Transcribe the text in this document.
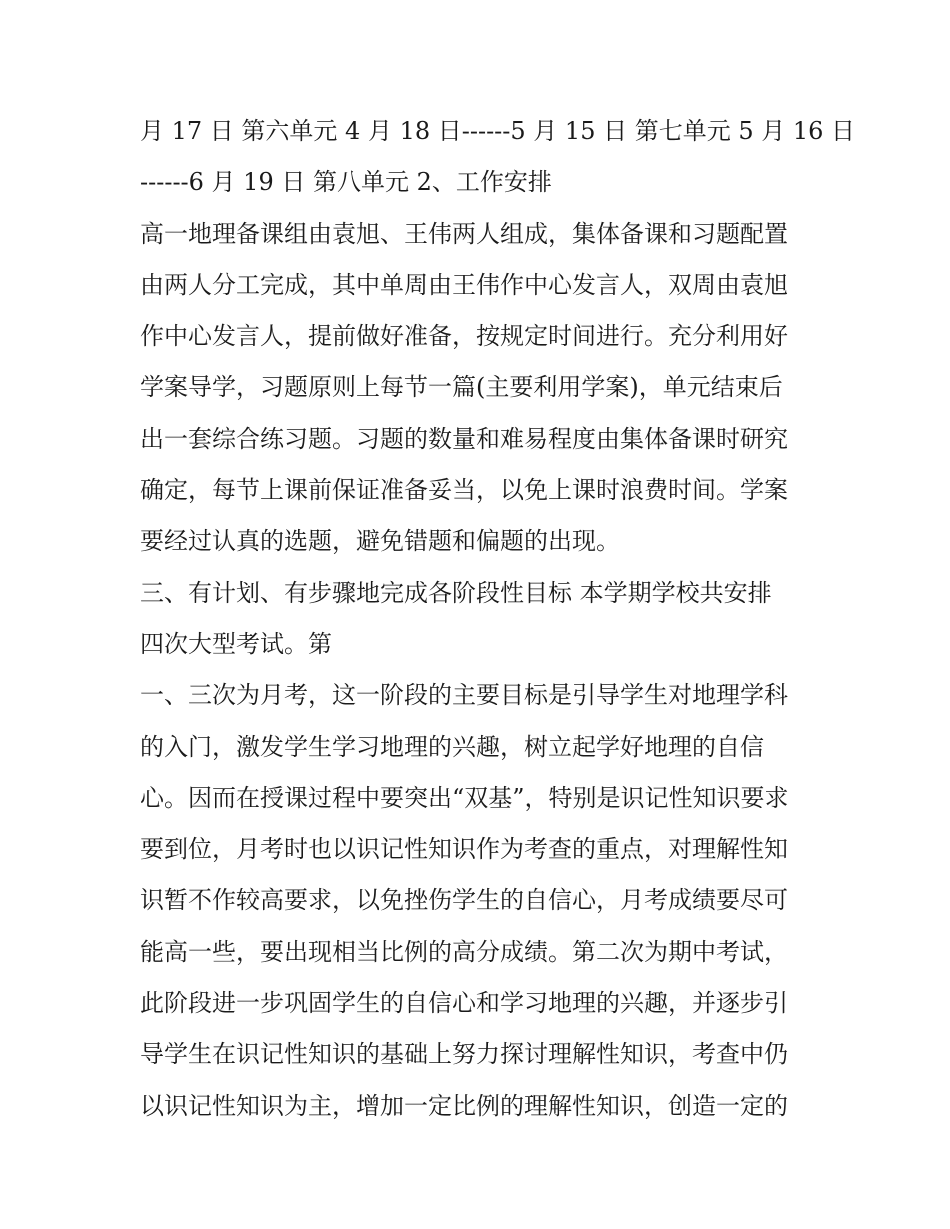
月 17 日 第六单元 4 月 18 日------5 月 15 日 第七单元 5 月 16 日
------6 月 19 日 第八单元 2、工作安排
高一地理备课组由袁旭、王伟两人组成，集体备课和习题配置
由两人分工完成，其中单周由王伟作中心发言人，双周由袁旭
作中心发言人，提前做好准备，按规定时间进行。充分利用好
学案导学，习题原则上每节一篇(主要利用学案)，单元结束后
出一套综合练习题。习题的数量和难易程度由集体备课时研究
确定，每节上课前保证准备妥当，以免上课时浪费时间。学案
要经过认真的选题，避免错题和偏题的出现。
三、有计划、有步骤地完成各阶段性目标 本学期学校共安排
四次大型考试。第
一、三次为月考，这一阶段的主要目标是引导学生对地理学科
的入门，激发学生学习地理的兴趣，树立起学好地理的自信
心。因而在授课过程中要突出“双基”，特别是识记性知识要求
要到位，月考时也以识记性知识作为考查的重点，对理解性知
识暂不作较高要求，以免挫伤学生的自信心，月考成绩要尽可
能高一些，要出现相当比例的高分成绩。第二次为期中考试，
此阶段进一步巩固学生的自信心和学习地理的兴趣，并逐步引
导学生在识记性知识的基础上努力探讨理解性知识，考查中仍
以识记性知识为主，增加一定比例的理解性知识，创造一定的
